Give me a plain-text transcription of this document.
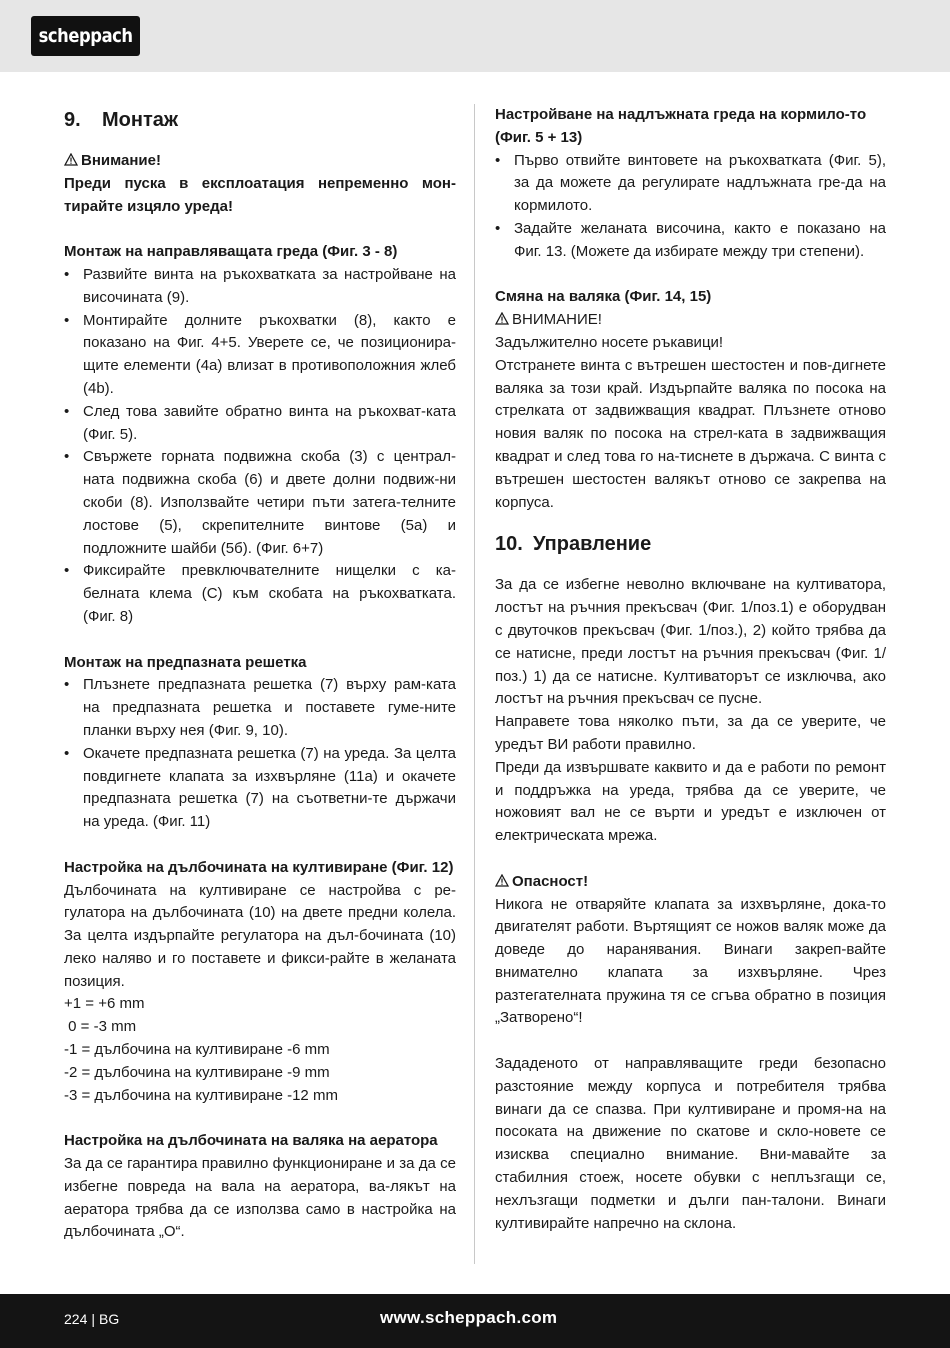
scheppach
9. Монтаж
Внимание!
Преди пуска в експлоатация непременно мон-
тирайте изцяло уреда!
Монтаж на направляващата греда (Фиг. 3 - 8)
• Развийте винта на ръкохватката за настройване на височината (9).
• Монтирайте долните ръкохватки (8), както е показано на Фиг. 4+5. Уверете се, че позиционира-щите елементи (4a) влизат в противоположния жлеб (4b).
• След това завийте обратно винта на ръкохват-ката (Фиг. 5).
• Свържете горната подвижна скоба (3) с централ-ната подвижна скоба (6) и двете долни подвиж-ни скоби (8). Използвайте четири пъти затега-телните лостове (5), скрепителните винтове (5a) и подложните шайби (5б). (Фиг. 6+7)
• Фиксирайте превключвателните нищелки с ка-белната клема (C) към скобата на ръкохватката. (Фиг. 8)
Монтаж на предпазната решетка
• Плъзнете предпазната решетка (7) върху рам-ката на предпазната решетка и поставете гуме-ните планки върху нея (Фиг. 9, 10).
• Окачете предпазната решетка (7) на уреда. За целта повдигнете клапата за изхвърляне (11a) и окачете предпазната решетка (7) на съответни-те държачи на уреда. (Фиг. 11)
Настройка на дълбочината на култивиране (Фиг. 12)
Дълбочината на култивиране се настройва с ре-гулатора на дълбочината (10) на двете предни колела. За целта издърпайте регулатора на дъл-бочината (10) леко наляво и го поставете и фикси-райте в желаната позиция.
+1 = +6 mm
0 = -3 mm
-1 = дълбочина на култивиране -6 mm
-2 = дълбочина на култивиране -9 mm
-3 = дълбочина на култивиране -12 mm
Настройка на дълбочината на валяка на аератора
За да се гарантира правилно функциониране и за да се избегне повреда на вала на аератора, ва-лякът на аератора трябва да се използва само в настройка на дълбочината „O“.
Настройване на надлъжната греда на кормило-то (Фиг. 5 + 13)
• Първо отвийте винтовете на ръкохватката (Фиг. 5), за да можете да регулирате надлъжната гре-да на кормилото.
• Задайте желаната височина, както е показано на Фиг. 13. (Можете да избирате между три степени).
Смяна на валяка (Фиг. 14, 15)
ВНИМАНИЕ!
Задължително носете ръкавици!
Отстранете винта с вътрешен шестостен и пов-дигнете валяка за този край. Издърпайте валяка по посока на стрелката от задвижващия квадрат. Плъзнете отново новия валяк по посока на стрел-ката в задвижващия квадрат и след това го на-тиснете в държача. С винта с вътрешен шестостен валякът отново се закрепва на корпуса.
10. Управление
За да се избегне неволно включване на култиватора, лостът на ръчния прекъсвач (Фиг. 1/поз.1) е оборудван с двуточков прекъсвач (Фиг. 1/поз.), 2) който трябва да се натисне, преди лостът на ръчния прекъсвач (Фиг. 1/поз.) 1) да се натисне. Култиваторът се изключва, ако лостът на ръчния прекъсвач се пусне.
Направете това няколко пъти, за да се уверите, че уредът ВИ работи правилно.
Преди да извършвате каквито и да е работи по ремонт и поддръжка на уреда, трябва да се уверите, че ножовият вал не се върти и уредът е изключен от електрическата мрежа.
Опасност!
Никога не отваряйте клапата за изхвърляне, дока-то двигателят работи. Въртящият се ножов валяк може да доведе до наранявания. Винаги закреп-вайте внимателно клапата за изхвърляне. Чрез разтегателната пружина тя се сгъва обратно в позиция „Затворено“!
Зададеното от направляващите греди безопасно разстояние между корпуса и потребителя трябва винаги да се спазва. При култивиране и промя-на на посоката на движение по скатове и скло-новете се изисква специално внимание. Вни-мавайте за стабилния стоеж, носете обувки с неплъзгащи се, нехлъзгащи подметки и дълги пан-талони. Винаги култивирайте напречно на склона.
224 | BG	www.scheppach.com
